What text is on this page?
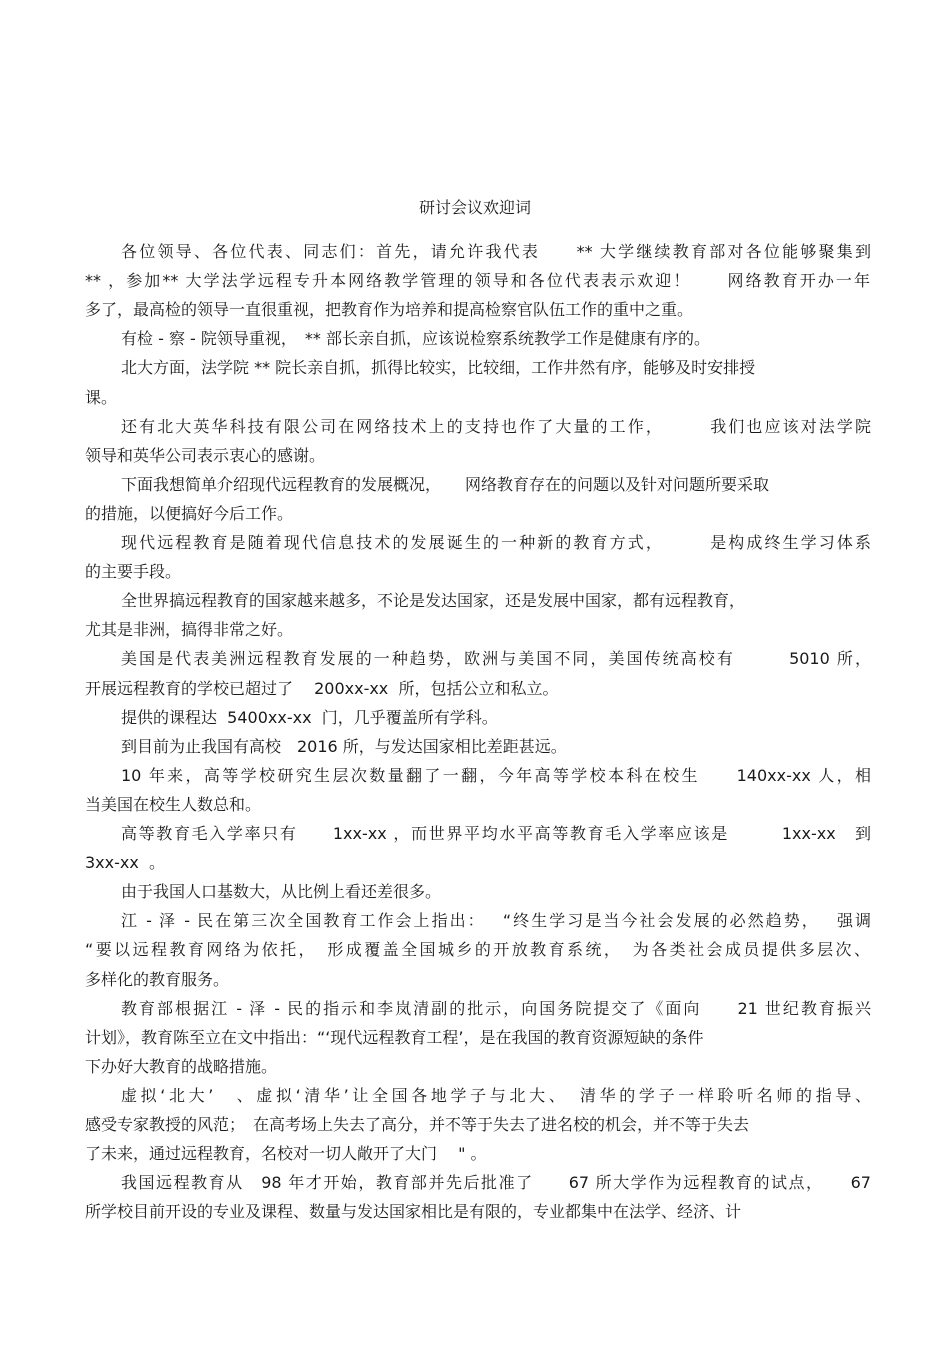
研讨会议欢迎词
各位领导、各位代表、同志们：首先，请允许我代表　　** 大学继续教育部对各位能够聚集到
** ，参加** 大学法学远程专升本网络教学管理的领导和各位代表表示欢迎！　　网络教育开办一年
多了，最高检的领导一直很重视，把教育作为培养和提高检察官队伍工作的重中之重。
有检 - 察 - 院领导重视，　** 部长亲自抓，应该说检察系统教学工作是健康有序的。
北大方面，法学院 ** 院长亲自抓，抓得比较实，比较细，工作井然有序，能够及时安排授
课。
还有北大英华科技有限公司在网络技术上的支持也作了大量的工作，　　　我们也应该对法学院
领导和英华公司表示衷心的感谢。
下面我想简单介绍现代远程教育的发展概况，　　网络教育存在的问题以及针对问题所要采取
的措施，以便搞好今后工作。
现代远程教育是随着现代信息技术的发展诞生的一种新的教育方式，　　　是构成终生学习体系
的主要手段。
全世界搞远程教育的国家越来越多，不论是发达国家，还是发展中国家，都有远程教育，
尤其是非洲，搞得非常之好。
美国是代表美洲远程教育发展的一种趋势，欧洲与美国不同，美国传统高校有　　　5010 所，
开展远程教育的学校已超过了　 200xx-xx  所，包括公立和私立。
提供的课程达  5400xx-xx  门，几乎覆盖所有学科。
到目前为止我国有高校　2016 所，与发达国家相比差距甚远。
10 年来，高等学校研究生层次数量翻了一翻，今年高等学校本科在校生　　140xx-xx 人，相
当美国在校生人数总和。
高等教育毛入学率只有　　1xx-xx ，而世界平均水平高等教育毛入学率应该是　　　1xx-xx　到
3xx-xx  。
由于我国人口基数大，从比例上看还差很多。
江 - 泽 - 民在第三次全国教育工作会上指出：　 “终生学习是当今社会发展的必然趋势，　 强调
“要以远程教育网络为依托，　形成覆盖全国城乡的开放教育系统，　为各类社会成员提供多层次、
多样化的教育服务。
教育部根据江 - 泽 - 民的指示和李岚清副的批示，向国务院提交了《面向　　21 世纪教育振兴
计划》，教育陈至立在文中指出：“‘现代远程教育工程’，是在我国的教育资源短缺的条件
下办好大教育的战略措施。
虚拟‘北大’　、虚拟‘清华’让全国各地学子与北大、　清华的学子一样聆听名师的指导、
感受专家教授的风范；　在高考场上失去了高分，并不等于失去了进名校的机会，并不等于失去
了未来，通过远程教育，名校对一切人敞开了大门　 " 。
我国远程教育从　98 年才开始，教育部并先后批准了　　67 所大学作为远程教育的试点，　　67
所学校目前开设的专业及课程、数量与发达国家相比是有限的，专业都集中在法学、经济、计
